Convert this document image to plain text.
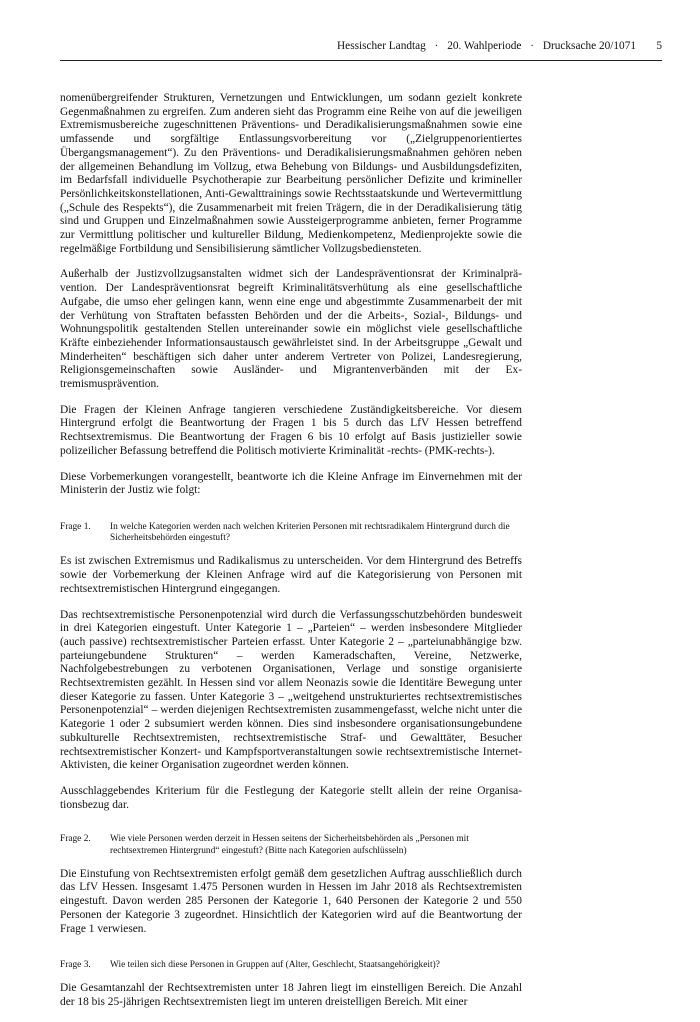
Hessischer Landtag · 20. Wahlperiode · Drucksache 20/1071 5

nomenübergreifender Strukturen, Vernetzungen und Entwicklungen, um sodann gezielt konkrete Gegenmaßnahmen zu ergreifen. Zum anderen sieht das Programm eine Reihe von auf die jeweiligen Extremismusbereiche zugeschnittenen Präventions- und Deradikalisierungsmaßnahmen sowie eine umfassende und sorgfältige Entlassungsvorbereitung vor („Zielgruppenorientiertes Übergangsmanagement“). Zu den Präventions- und Deradikalisierungsmaßnahmen gehören neben der allgemeinen Behandlung im Vollzug, etwa Behebung von Bildungs- und Ausbildungsdefiziten, im Bedarfsfall individuelle Psychotherapie zur Bearbeitung persönlicher Defizite und krimineller Persönlichkeitskonstellationen, Anti-Gewalttrainings sowie Rechtsstaatskunde und Wertevermittlung („Schule des Respekts“), die Zusammenarbeit mit freien Trägern, die in der Deradikalisierung tätig sind und Gruppen und Einzelmaßnahmen sowie Aussteigerprogramme anbieten, ferner Programme zur Vermittlung politischer und kultureller Bildung, Medienkompetenz, Medienprojekte sowie die regelmäßige Fortbildung und Sensibilisierung sämtlicher Vollzugsbediensteten.

Außerhalb der Justizvollzugsanstalten widmet sich der Landespräventionsrat der Kriminalprävention. Der Landespräventionsrat begreift Kriminalitätsverhütung als eine gesellschaftliche Aufgabe, die umso eher gelingen kann, wenn eine enge und abgestimmte Zusammenarbeit der mit der Verhütung von Straftaten befassten Behörden und der die Arbeits-, Sozial-, Bildungs- und Wohnungspolitik gestaltenden Stellen untereinander sowie ein möglichst viele gesellschaftliche Kräfte einbeziehender Informationsaustausch gewährleistet sind. In der Arbeitsgruppe „Gewalt und Minderheiten“ beschäftigen sich daher unter anderem Vertreter von Polizei, Landesregierung, Religionsgemeinschaften sowie Ausländer- und Migrantenverbänden mit der Extremismusprävention.

Die Fragen der Kleinen Anfrage tangieren verschiedene Zuständigkeitsbereiche. Vor diesem Hintergrund erfolgt die Beantwortung der Fragen 1 bis 5 durch das LfV Hessen betreffend Rechtsextremismus. Die Beantwortung der Fragen 6 bis 10 erfolgt auf Basis justizieller sowie polizeilicher Befassung betreffend die Politisch motivierte Kriminalität -rechts- (PMK-rechts-).

Diese Vorbemerkungen vorangestellt, beantworte ich die Kleine Anfrage im Einvernehmen mit der Ministerin der Justiz wie folgt:

Frage 1.	In welche Kategorien werden nach welchen Kriterien Personen mit rechtsradikalem Hintergrund durch die Sicherheitsbehörden eingestuft?

Es ist zwischen Extremismus und Radikalismus zu unterscheiden. Vor dem Hintergrund des Betreffs sowie der Vorbemerkung der Kleinen Anfrage wird auf die Kategorisierung von Personen mit rechtsextremistischen Hintergrund eingegangen.

Das rechtsextremistische Personenpotenzial wird durch die Verfassungsschutzbehörden bundesweit in drei Kategorien eingestuft. Unter Kategorie 1 – „Parteien“ – werden insbesondere Mitglieder (auch passive) rechtsextremistischer Parteien erfasst. Unter Kategorie 2 – „parteiunabhängige bzw. parteiungebundene Strukturen“ – werden Kameradschaften, Vereine, Netzwerke, Nachfolgebestrebungen zu verbotenen Organisationen, Verlage und sonstige organisierte Rechtsextremisten gezählt. In Hessen sind vor allem Neonazis sowie die Identitäre Bewegung unter dieser Kategorie zu fassen. Unter Kategorie 3 – „weitgehend unstrukturiertes rechtsextremistisches Personenpotenzial“ – werden diejenigen Rechtsextremisten zusammengefasst, welche nicht unter die Kategorie 1 oder 2 subsumiert werden können. Dies sind insbesondere organisationsungebundene subkulturelle Rechtsextremisten, rechtsextremistische Straf- und Gewalttäter, Besucher rechtsextremistischer Konzert- und Kampfsportveranstaltungen sowie rechtsextremistische Internet-Aktivisten, die keiner Organisation zugeordnet werden können.

Ausschlaggebendes Kriterium für die Festlegung der Kategorie stellt allein der reine Organisationsbezug dar.

Frage 2.	Wie viele Personen werden derzeit in Hessen seitens der Sicherheitsbehörden als „Personen mit rechtsextremen Hintergrund“ eingestuft? (Bitte nach Kategorien aufschlüsseln)

Die Einstufung von Rechtsextremisten erfolgt gemäß dem gesetzlichen Auftrag ausschließlich durch das LfV Hessen. Insgesamt 1.475 Personen wurden in Hessen im Jahr 2018 als Rechtsextremisten eingestuft. Davon werden 285 Personen der Kategorie 1, 640 Personen der Kategorie 2 und 550 Personen der Kategorie 3 zugeordnet. Hinsichtlich der Kategorien wird auf die Beantwortung der Frage 1 verwiesen.

Frage 3.	Wie teilen sich diese Personen in Gruppen auf (Alter, Geschlecht, Staatsangehörigkeit)?

Die Gesamtanzahl der Rechtsextremisten unter 18 Jahren liegt im einstelligen Bereich. Die Anzahl der 18 bis 25-jährigen Rechtsextremisten liegt im unteren dreistelligen Bereich. Mit einer
